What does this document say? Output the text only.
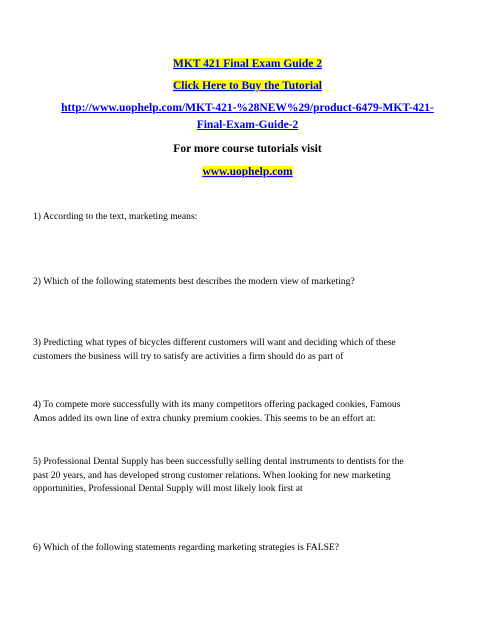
MKT 421 Final Exam Guide 2
Click Here to Buy the Tutorial
http://www.uophelp.com/MKT-421-%28NEW%29/product-6479-MKT-421-
Final-Exam-Guide-2
For more course tutorials visit
www.uophelp.com
1) According to the text, marketing means:
2) Which of the following statements best describes the modern view of marketing?
3) Predicting what types of bicycles different customers will want and deciding which of these
customers the business will try to satisfy are activities a firm should do as part of
4) To compete more successfully with its many competitors offering packaged cookies, Famous
Amos added its own line of extra chunky premium cookies. This seems to be an effort at:
5) Professional Dental Supply has been successfully selling dental instruments to dentists for the
past 20 years, and has developed strong customer relations. When looking for new marketing
opportunities, Professional Dental Supply will most likely look first at
6) Which of the following statements regarding marketing strategies is FALSE?
